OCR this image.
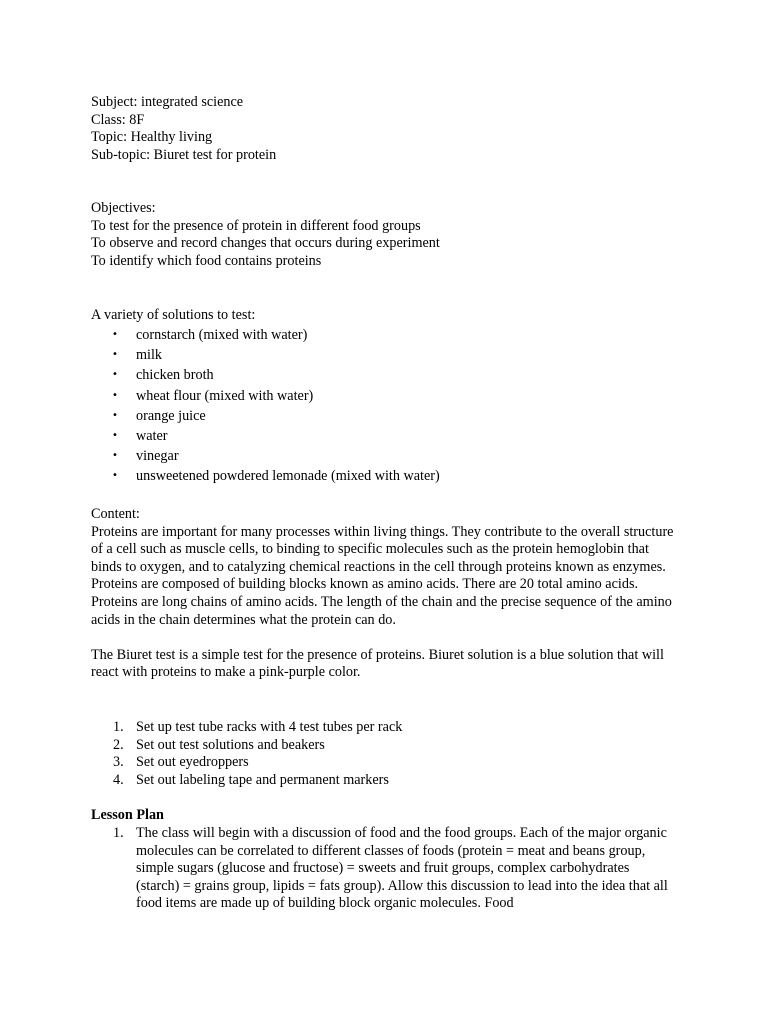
Subject: integrated science

Class: 8F

Topic: Healthy living

Sub-topic: Biuret test for protein

Objectives:

To test for the presence of protein in different food groups

To observe and record changes that occurs during experiment

To identify which food contains proteins

A variety of solutions to test:

• cornstarch (mixed with water)
• milk
• chicken broth
• wheat flour (mixed with water)
• orange juice
• water
• vinegar
• unsweetened powdered lemonade (mixed with water)

Content:

Proteins are important for many processes within living things. They contribute to the overall structure of a cell such as muscle cells, to binding to specific molecules such as the protein hemoglobin that binds to oxygen, and to catalyzing chemical reactions in the cell through proteins known as enzymes. Proteins are composed of building blocks known as amino acids. There are 20 total amino acids. Proteins are long chains of amino acids. The length of the chain and the precise sequence of the amino acids in the chain determines what the protein can do.

The Biuret test is a simple test for the presence of proteins. Biuret solution is a blue solution that will react with proteins to make a pink-purple color.

1. Set up test tube racks with 4 test tubes per rack
2. Set out test solutions and beakers
3. Set out eyedroppers
4. Set out labeling tape and permanent markers

Lesson Plan

1. The class will begin with a discussion of food and the food groups. Each of the major organic molecules can be correlated to different classes of foods (protein = meat and beans group, simple sugars (glucose and fructose) = sweets and fruit groups, complex carbohydrates (starch) = grains group, lipids = fats group). Allow this discussion to lead into the idea that all food items are made up of building block organic molecules. Food
